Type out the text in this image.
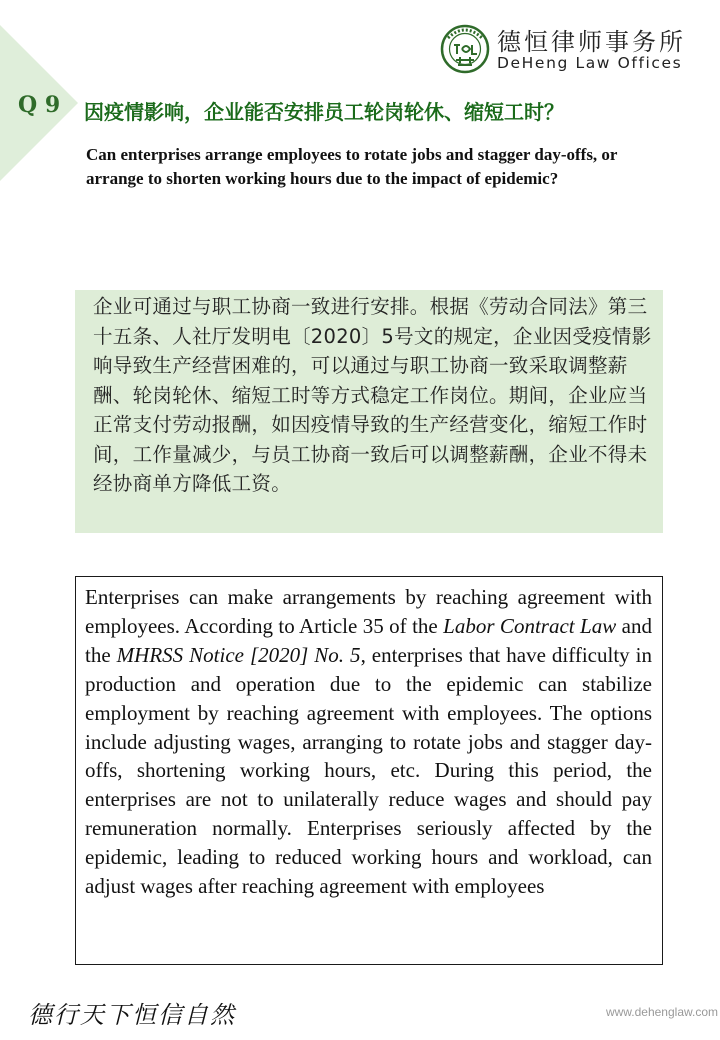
Q 9
德恒律师事务所
DeHeng Law Offices
因疫情影响，企业能否安排员工轮岗轮休、缩短工时？
Can enterprises arrange employees to rotate jobs and stagger day-offs, or arrange to shorten working hours due to the impact of epidemic?
企业可通过与职工协商一致进行安排。根据《劳动合同法》第三十五条、人社厅发明电〔2020〕5号文的规定，企业因受疫情影响导致生产经营困难的，可以通过与职工协商一致采取调整薪酬、轮岗轮休、缩短工时等方式稳定工作岗位。期间，企业应当正常支付劳动报酬，如因疫情导致的生产经营变化，缩短工作时间，工作量减少，与员工协商一致后可以调整薪酬，企业不得未经协商单方降低工资。
Enterprises can make arrangements by reaching agreement with employees. According to Article 35 of the Labor Contract Law and the MHRSS Notice [2020] No. 5, enterprises that have difficulty in production and operation due to the epidemic can stabilize employment by reaching agreement with employees. The options include adjusting wages, arranging to rotate jobs and stagger day-offs, shortening working hours, etc. During this period, the enterprises are not to unilaterally reduce wages and should pay remuneration normally. Enterprises seriously affected by the epidemic, leading to reduced working hours and workload, can adjust wages after reaching agreement with employees
德行天下恒信自然	www.dehenglaw.com
